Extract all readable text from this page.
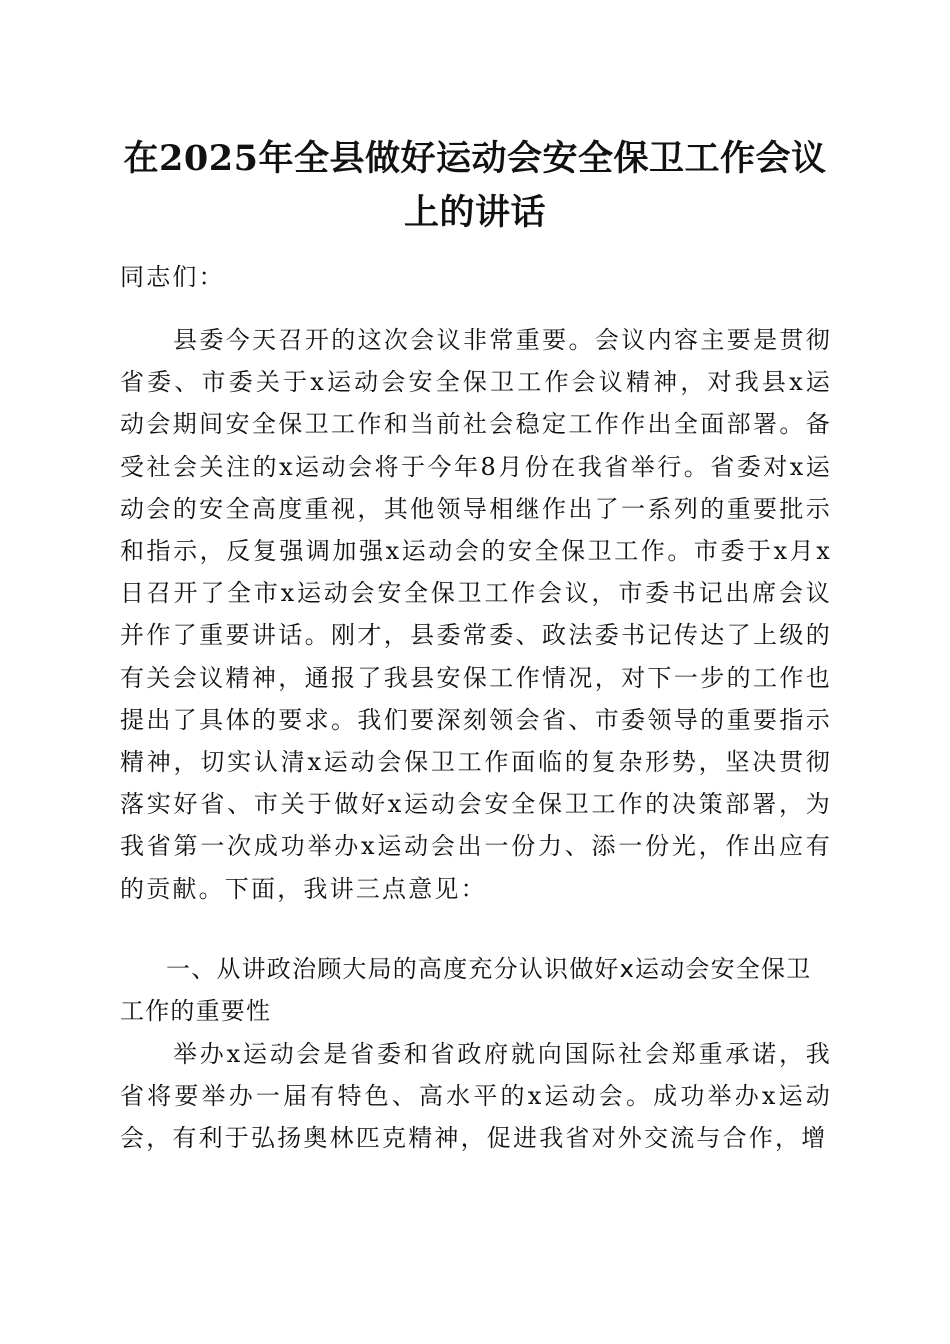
在2025年全县做好运动会安全保卫工作会议上的讲话

同志们：

县委今天召开的这次会议非常重要。会议内容主要是贯彻省委、市委关于x运动会安全保卫工作会议精神，对我县x运动会期间安全保卫工作和当前社会稳定工作作出全面部署。备受社会关注的x运动会将于今年8月份在我省举行。省委对x运动会的安全高度重视，其他领导相继作出了一系列的重要批示和指示，反复强调加强x运动会的安全保卫工作。市委于x月x日召开了全市x运动会安全保卫工作会议，市委书记出席会议并作了重要讲话。刚才，县委常委、政法委书记传达了上级的有关会议精神，通报了我县安保工作情况，对下一步的工作也提出了具体的要求。我们要深刻领会省、市委领导的重要指示精神，切实认清x运动会保卫工作面临的复杂形势，坚决贯彻落实好省、市关于做好x运动会安全保卫工作的决策部署，为我省第一次成功举办x运动会出一份力、添一份光，作出应有的贡献。下面，我讲三点意见：

一、从讲政治顾大局的高度充分认识做好x运动会安全保卫工作的重要性

举办x运动会是省委和省政府就向国际社会郑重承诺，我省将要举办一届有特色、高水平的x运动会。成功举办x运动会，有利于弘扬奥林匹克精神，促进我省对外交流与合作，增
